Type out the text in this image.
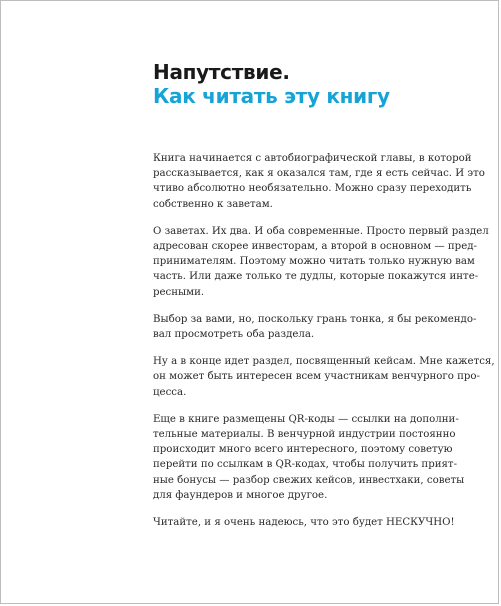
Напутствие.
Как читать эту книгу
Книга начинается с автобиографической главы, в которой
рассказывается, как я оказался там, где я есть сейчас. И это
чтиво абсолютно необязательно. Можно сразу переходить
собственно к заветам.
О заветах. Их два. И оба современные. Просто первый раздел
адресован скорее инвесторам, а второй в основном — пред-
принимателям. Поэтому можно читать только нужную вам
часть. Или даже только те дудлы, которые покажутся инте-
ресными.
Выбор за вами, но, поскольку грань тонка, я бы рекомендо-
вал просмотреть оба раздела.
Ну а в конце идет раздел, посвященный кейсам. Мне кажется,
он может быть интересен всем участникам венчурного про-
цесса.
Еще в книге размещены QR-коды — ссылки на дополни-
тельные материалы. В венчурной индустрии постоянно
происходит много всего интересного, поэтому советую
перейти по ссылкам в QR-кодах, чтобы получить прият-
ные бонусы — разбор свежих кейсов, инвестхаки, советы
для фаундеров и многое другое.
Читайте, и я очень надеюсь, что это будет НЕСКУЧНО!
